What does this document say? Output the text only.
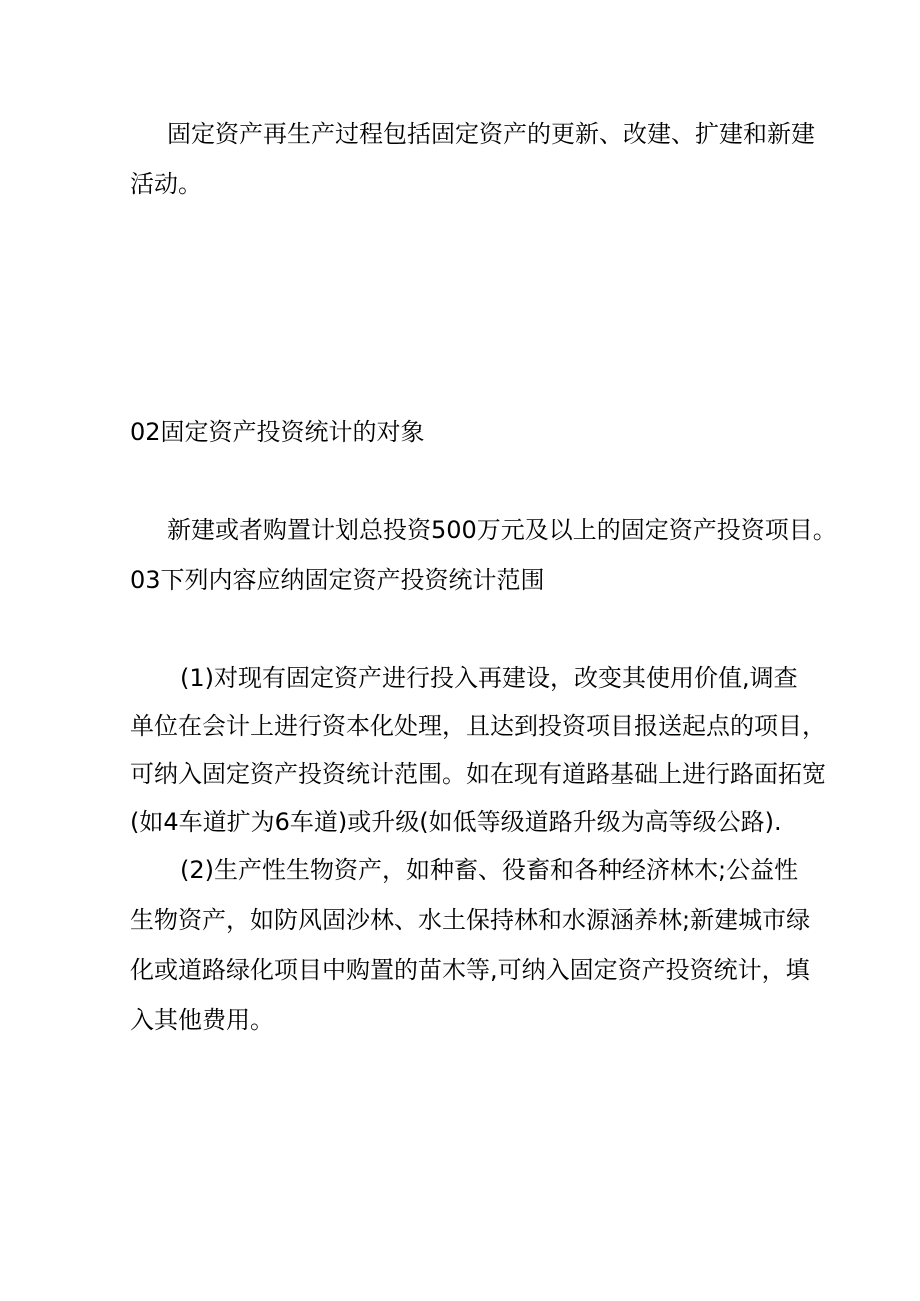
固定资产再生产过程包括固定资产的更新、改建、扩建和新建
活动。
02固定资产投资统计的对象
新建或者购置计划总投资500万元及以上的固定资产投资项目。
03下列内容应纳固定资产投资统计范围
(1)对现有固定资产进行投入再建设，改变其使用价值,调查
单位在会计上进行资本化处理，且达到投资项目报送起点的项目，
可纳入固定资产投资统计范围。如在现有道路基础上进行路面拓宽
(如4车道扩为6车道)或升级(如低等级道路升级为高等级公路).
(2)生产性生物资产，如种畜、役畜和各种经济林木;公益性
生物资产，如防风固沙林、水土保持林和水源涵养林;新建城市绿
化或道路绿化项目中购置的苗木等,可纳入固定资产投资统计，填
入其他费用。
